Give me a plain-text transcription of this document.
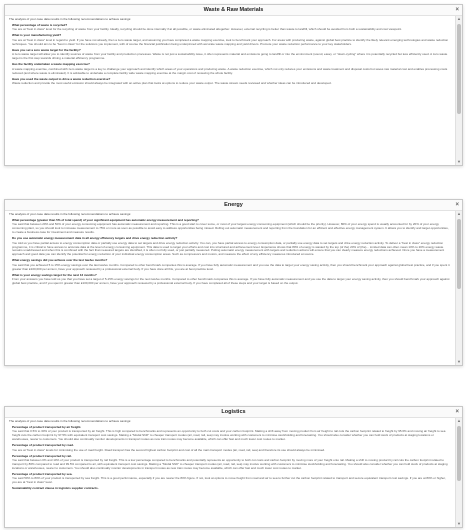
Waste & Raw Materials	×
The analysis of your case data results in the following recommendations to achieve savings:
What percentage of waste is recycled?
You are at "best in class" level for the recycling of waste from your facility. Ideally, recycling should be done internally if at all possible, or waste eliminated altogether. However, external recycling is better than waste to landfill, which should be avoided from both a sustainability and cost viewpoint.
What is your manufacturing yield?
You are at "best in class" level in regard to yield. If you have not already, then a zero waste target, and assuming you have completed a waste mapping exercise, look to benchmark your approach. For areas with producing waste, against global best practice to identify the likely relevant emerging technologies and waste reduction techniques. You should aim to be "best in class" for the solutions you implement, with of course the financial justification being underpinned with accurate waste mapping and yield drivers. Promote your waste reduction performance to your key stakeholders.
Have you set a zero waste target for the facility?
A zero waste target will allow you to identify sources of waste from your facility and production processes. Waste is not just a sustainability issue, it often represents material and emissions going to landfill or into the environment (sound, ease), or "down-cycling" where it is potentially recycled but less efficiently used. A zero waste target is the first step towards driving a material efficiency programme.
Has the facility undertaken a waste mapping exercise?
A waste mapping exercise, combined with zero waste target is a key to challenge your approach and identify which areas of your operations and producing waste. A waste reduction exercise, which not only reduces your emissions and waste treatment and disposal costs but saves raw material cost and enables processing costs reduced (and where waste is eliminated). It is advisable to undertake a complete facility wide waste mapping exercise at the margin cost of reviewing the whole facility.
Have you used the waste output to drive a waste reduction exercise?
Waste reduction and provide the most useful emission should always be integrated with an active plan that looks at options to reduce your waste output. The waste stream needs reviewed and whether ideas can be introduced and developed.
▲
▼
Energy	×
The analysis of your case data results in the following recommendations to achieve savings:
What percentage (greater than 5% of total spend) of your significant equipment has automatic energy measurement and reporting?
You said that between 20% and 50% of your energy consuming equipment has automatic measurement and reporting. This is a good start to cover some, or most of your largest energy consuming equipment (which should be the priority). However, 80% of your energy spend is usually accounted for by 20% of your energy consuming plant, so you should look to increase measurement to 75% or more as soon as possible to avoid easy to address opportunities being missed. Rolling out automatic measurement and reporting from the foundation for an efficient and effective energy management system. It allows you to identify and target opportunities, to create a business case for investment and measure results.
Do you use automatic energy measurement data in all energy efficiency targets and drive energy reduction activity?
You told us you have partial access to energy consumption data or partially use energy data to set targets and drive energy reduction activity. You can, you have partial access to energy consumption data, or partially use energy data to set targets and drive energy reduction activity. To deliver a "best in class" energy reduction programme, it is critical to have access to accurate data at the level of energy consuming equipment. This data is used to target your efforts and cost into structured and achievement level. Experience shows that 80% of energy is wasted by the top (of the) 20% of (the)... Limited data can often mean 10% to 20% energy waste remains unaddressed and when this is combined with the fact that measured targets are identified, it is often not fully used, or just partially measured. Putting automatic energy measurement with targets and reduction actions will ensure that you can clearly measure energy reductions achieved. Once you have a measurement approach and good data you can identify the potential for energy reduction of your individual energy consumption areas. Such as compressors and motors, and measure the effect of any efficiency measures introduced at source.
What energy savings did you achieve over the last twelve months?
You said that you achieved 5 to 15% energy savings over the last twelve months. Compared to other benchmark companies this is average. If you have fully automatic measurement and you use the data to target your energy saving activity, then you should benchmark your approach against global best practice, and if you spent it greater than £100,000 per annum, have your approach reviewed by a professional external body. If you have done all this, you are at best practice level.
What is your energy savings target for the next 12 months?
From your answers you have told us you that you have set a target of 5-15% energy savings for the next twelve months. Compared to other benchmark companies this is average. If you have fully automatic measurement and you use the data to target your energy saving activity, then you should benchmark your approach against global best practice, and if you spent it greater than £100,000 per annum, have your approach reviewed by a professional external body. If you have completed all of these steps and your target is based on the output.
▲
▼
Logistics	×
The analysis of your case data results in the following recommendations to achieve savings:
Percentage of product transported by air freight.
You said that 0.5% to 30% of your product is transported by air freight. This is high compared to benchmarks and represents an opportunity to both cut costs and your carbon footprint. Making a shift away from moving product from air freight to rail cuts the carbon footprint related to freight by 95.6% and moving air freight to sea freight cuts the carbon footprint by 97.5% with equivalent transport cost savings. Making a "Modal Shift" to cheaper transport modes (air, road, rail, sea) may involve working with customers to minimise stockholding and forecasting. You should also consider whether you can hold stock of products at staging locations or warehouses, nearer to customers. You should also continually monitor developments in transport routes as new train routes may become available, which can offer fast and much lower cost routes to market.
Percentage of product transported by road.
You are at "best in class" levels for minimising the use of road freight. Road transport has the second highest carbon footprint and cost of all the main transport modes (air, road, rail, sea) and therefore its use should always be minimised.
Percentage of product transported by rail.
You said that between 0% and 10% of your product is transported by rail freight. This is a low percentage compared to benchmarks and potentially represents an opportunity to both cut costs and carbon footprint by moving more of your freight onto rail. Making a shift to moving product by rail cuts the carbon footprint related to transport by 86% compared to road and 99.5% compared to air, with equivalent transport cost savings. Making a "Modal Shift" to cheaper transport modes (air, road, rail, sea) may involve working with customers to minimise stockholding and forecasting. You should also consider whether you can hold stock of products at staging locations or warehouses, nearer to customers. You should also continually monitor developments in transport routes as new train routes may become available, which can offer fast and much lower cost routes to market.
Percentage of product transported by sea.
You said 50% to 80% of your product is transported by sea freight. This is a good performance, especially if you are nearer the 80% figure. If not, look at options to move freight from road and air to sea to further cut the carbon footprint related to transport and secure equivalent transport cost savings. If you are at 80% or higher, you are at "best in class" level.
Sustainability contract clause in logistics supplier contracts.
▲
▼
